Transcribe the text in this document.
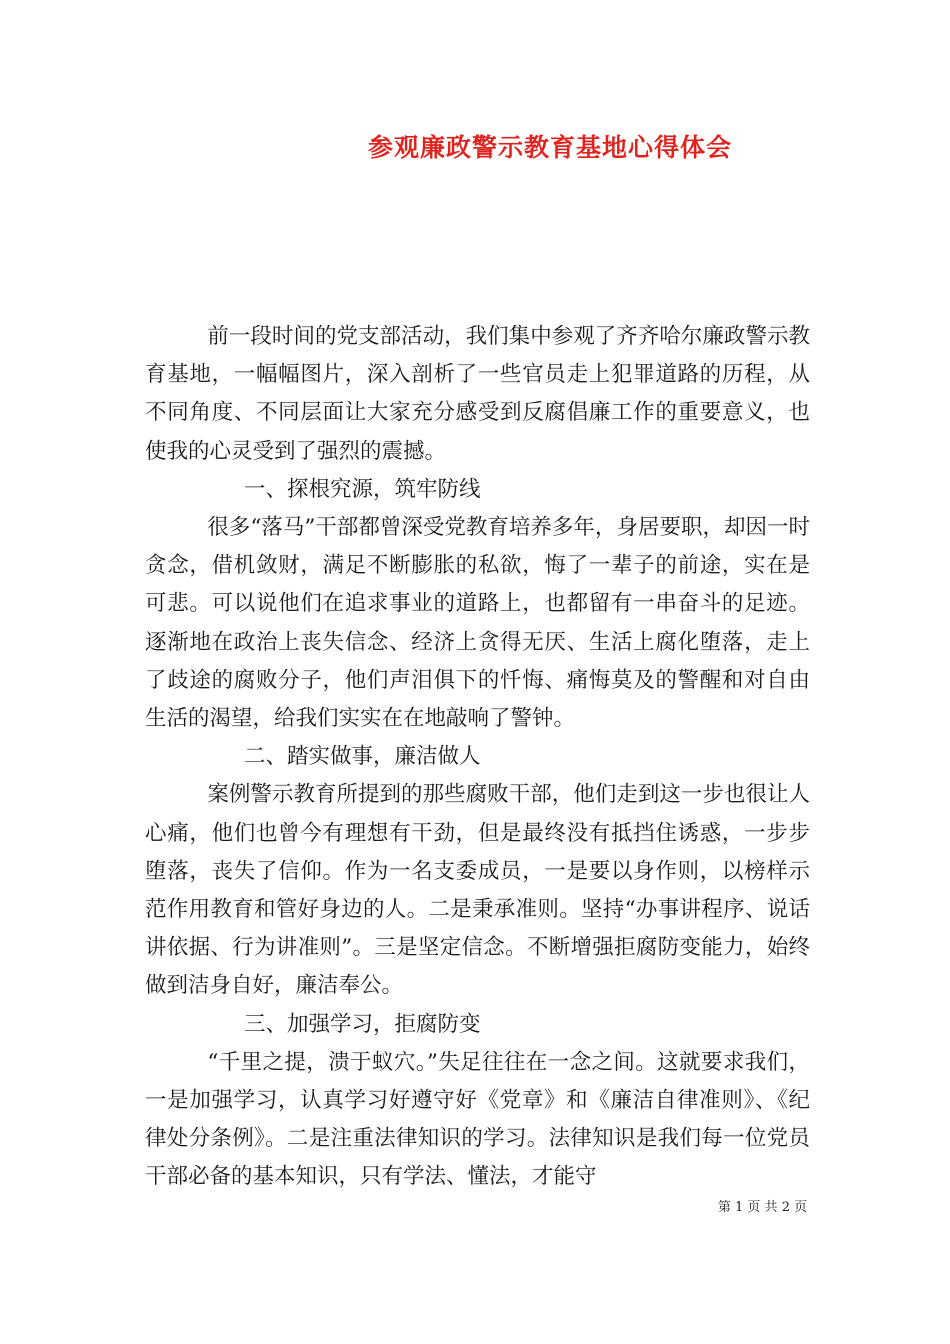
参观廉政警示教育基地心得体会

前一段时间的党支部活动，我们集中参观了齐齐哈尔廉政警示教育基地，一幅幅图片，深入剖析了一些官员走上犯罪道路的历程，从不同角度、不同层面让大家充分感受到反腐倡廉工作的重要意义，也使我的心灵受到了强烈的震撼。

一、探根究源，筑牢防线

很多“落马”干部都曾深受党教育培养多年，身居要职，却因一时贪念，借机敛财，满足不断膨胀的私欲，悔了一辈子的前途，实在是可悲。可以说他们在追求事业的道路上，也都留有一串奋斗的足迹。逐渐地在政治上丧失信念、经济上贪得无厌、生活上腐化堕落，走上了歧途的腐败分子，他们声泪俱下的忏悔、痛悔莫及的警醒和对自由生活的渴望，给我们实实在在地敲响了警钟。

二、踏实做事，廉洁做人

案例警示教育所提到的那些腐败干部，他们走到这一步也很让人心痛，他们也曾今有理想有干劲，但是最终没有抵挡住诱惑，一步步堕落，丧失了信仰。作为一名支委成员，一是要以身作则，以榜样示范作用教育和管好身边的人。二是秉承准则。坚持“办事讲程序、说话讲依据、行为讲准则”。三是坚定信念。不断增强拒腐防变能力，始终做到洁身自好，廉洁奉公。

三、加强学习，拒腐防变

“千里之提，溃于蚁穴。”失足往往在一念之间。这就要求我们，一是加强学习，认真学习好遵守好《党章》和《廉洁自律准则》、《纪律处分条例》。二是注重法律知识的学习。法律知识是我们每一位党员干部必备的基本知识，只有学法、懂法，才能守

第 1 页 共 2 页
